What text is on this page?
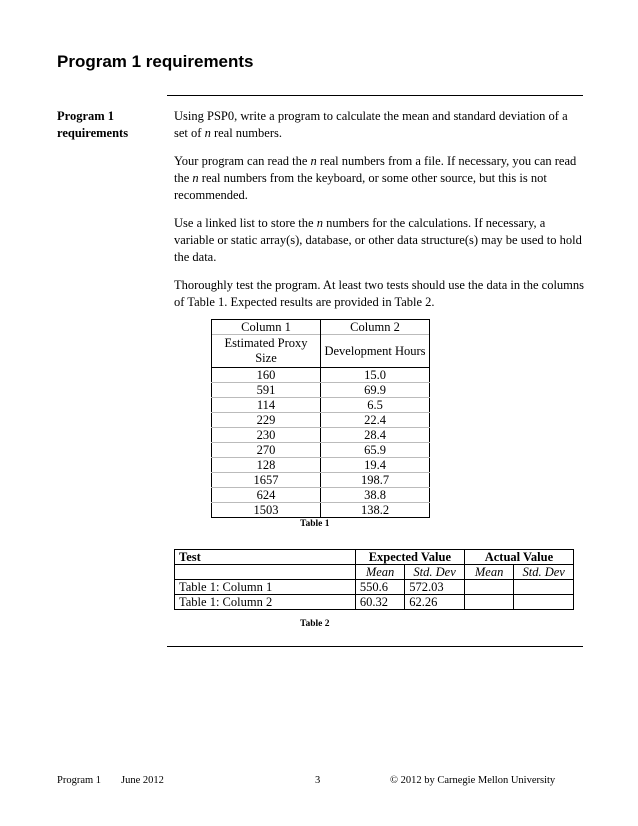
Program 1 requirements
Program 1
requirements

Using PSP0, write a program to calculate the mean and standard deviation of a set of n real numbers.

Your program can read the n real numbers from a file. If necessary, you can read the n real numbers from the keyboard, or some other source, but this is not recommended.

Use a linked list to store the n numbers for the calculations. If necessary, a variable or static array(s), database, or other data structure(s) may be used to hold the data.

Thoroughly test the program. At least two tests should use the data in the columns of Table 1. Expected results are provided in Table 2.

Column 1	Column 2
Estimated Proxy Size	Development Hours
160	15.0
591	69.9
114	6.5
229	22.4
230	28.4
270	65.9
128	19.4
1657	198.7
624	38.8
1503	138.2
Table 1
Test	Expected Value		Actual Value	
	Mean	Std. Dev	Mean	Std. Dev
Table 1: Column 1	550.6	572.03		
Table 1: Column 2	60.32	62.26		
Table 2
Program 1 June 2012	3	© 2012 by Carnegie Mellon University
